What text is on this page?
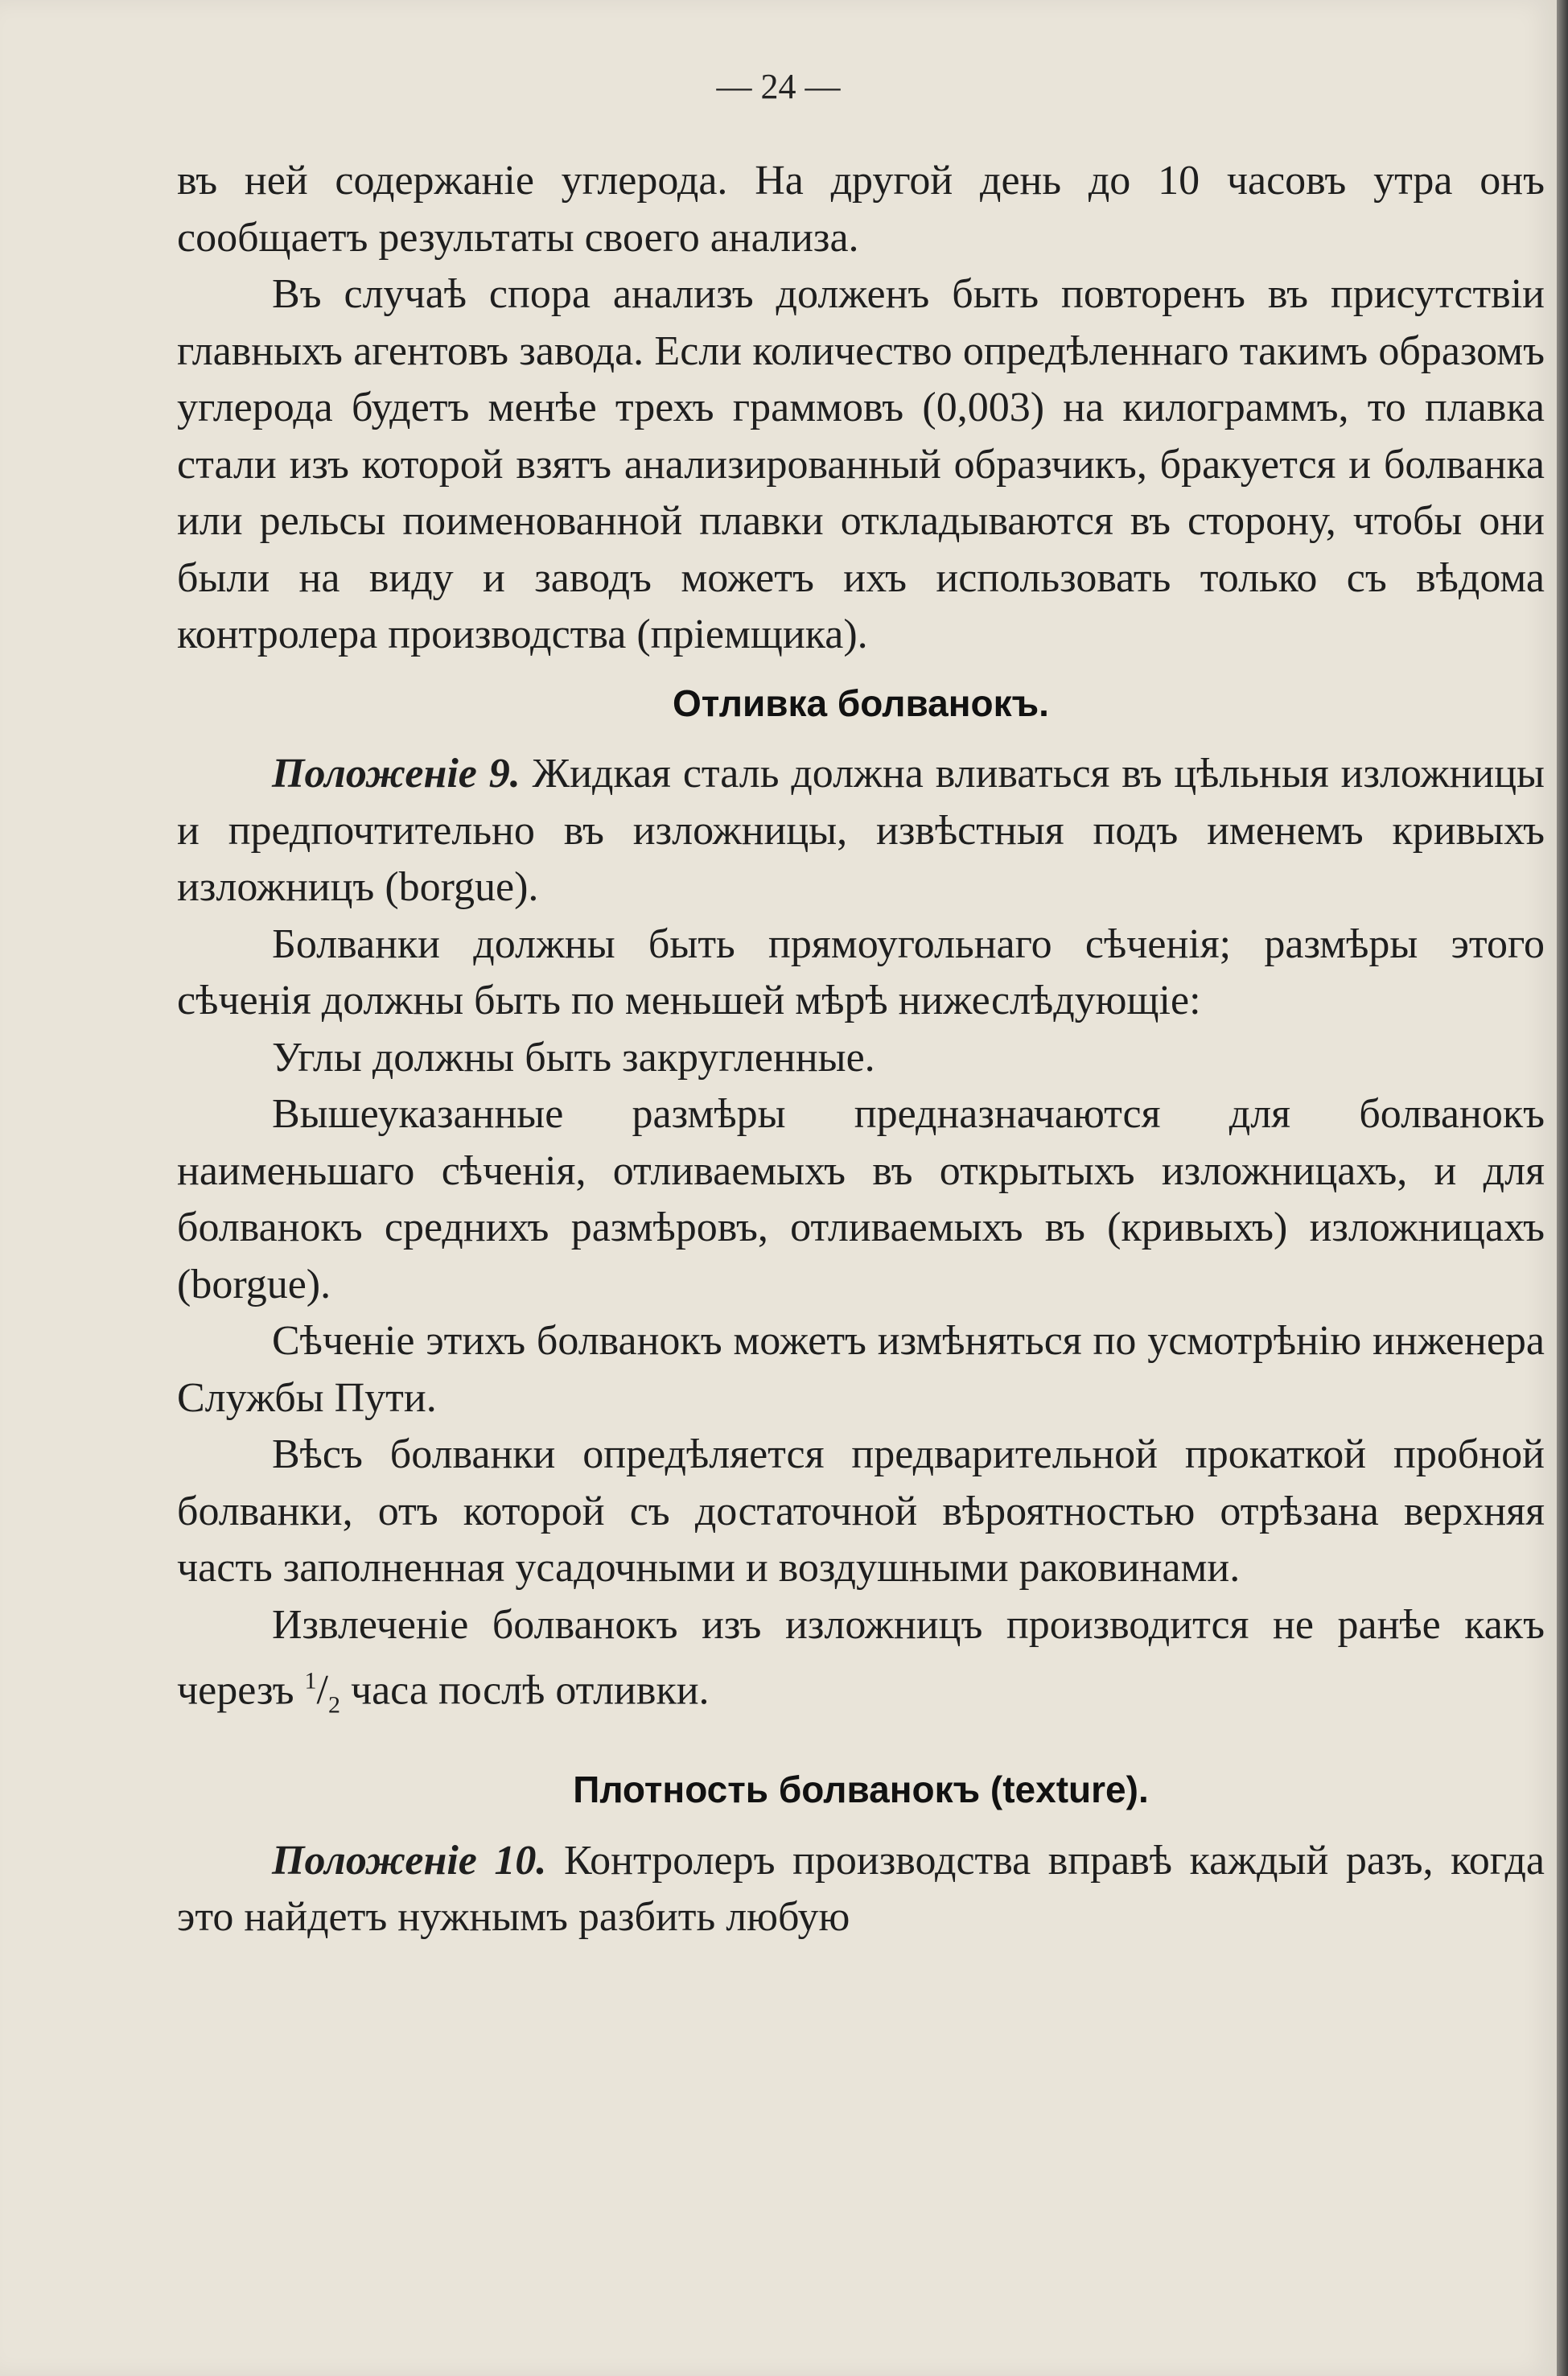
— 24 —

въ ней содержаніе углерода. На другой день до 10 часовъ утра онъ сообщаетъ результаты своего анализа.

Въ случаѣ спора анализъ долженъ быть повторенъ въ присутствіи главныхъ агентовъ завода. Если количество опредѣленнаго такимъ образомъ углерода будетъ менѣе трехъ граммовъ (0,003) на килограммъ, то плавка стали изъ которой взятъ анализированный образчикъ, бракуется и болванка или рельсы поименованной плавки откладываются въ сторону, чтобы они были на виду и заводъ можетъ ихъ использовать только съ вѣдома контролера производства (пріемщика).

Отливка болванокъ.

Положеніе 9. Жидкая сталь должна вливаться въ цѣльныя изложницы и предпочтительно въ изложницы, извѣстныя подъ именемъ кривыхъ изложницъ (borgue).

Болванки должны быть прямоугольнаго сѣченія; размѣры этого сѣченія должны быть по меньшей мѣрѣ нижеслѣдующіе:

Углы должны быть закругленные.

Вышеуказанные размѣры предназначаются для болванокъ наименьшаго сѣченія, отливаемыхъ въ открытыхъ изложницахъ, и для болванокъ среднихъ размѣровъ, отливаемыхъ въ (кривыхъ) изложницахъ (borgue).

Сѣченіе этихъ болванокъ можетъ измѣняться по усмотрѣнію инженера Службы Пути.

Вѣсъ болванки опредѣляется предварительной прокаткой пробной болванки, отъ которой съ достаточной вѣроятностью отрѣзана верхняя часть заполненная усадочными и воздушными раковинами.

Извлеченіе болванокъ изъ изложницъ производится не ранѣе какъ черезъ $^1/_2$ часа послѣ отливки.

Плотность болванокъ (texture).

Положеніе 10. Контролеръ производства вправѣ каждый разъ, когда это найдетъ нужнымъ разбить любую
